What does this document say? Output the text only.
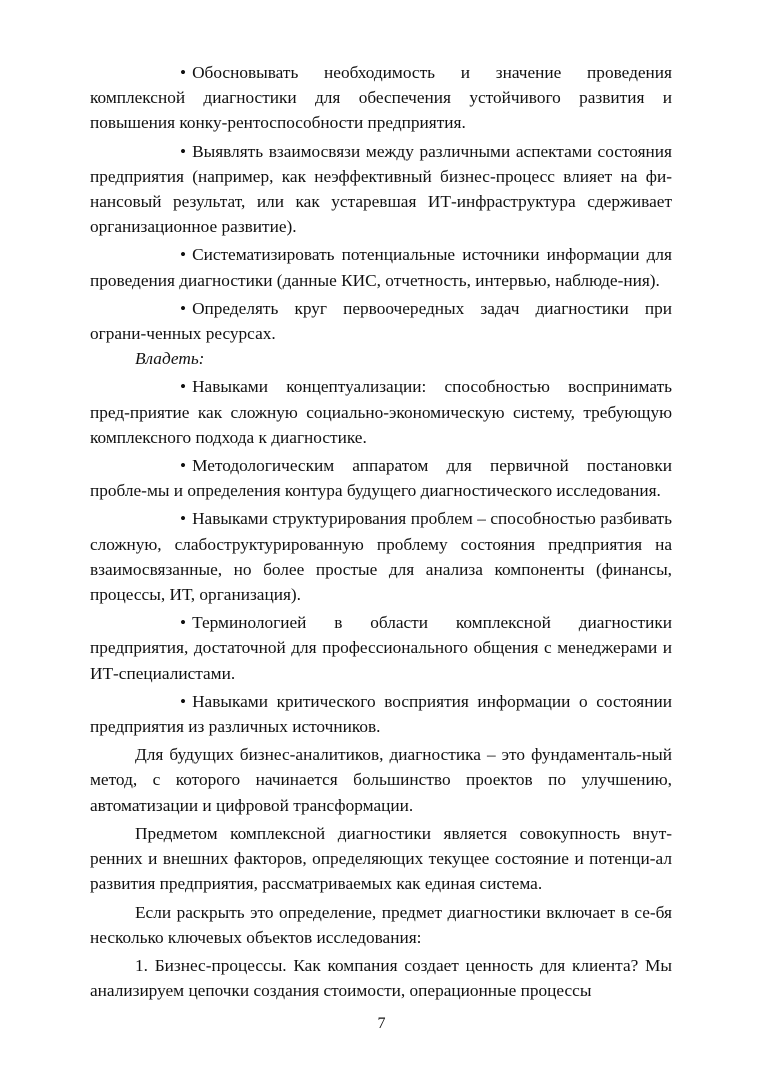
• Обосновывать необходимость и значение проведения комплексной диагностики для обеспечения устойчивого развития и повышения конку-рентоспособности предприятия.

• Выявлять взаимосвязи между различными аспектами состояния предприятия (например, как неэффективный бизнес-процесс влияет на фи-нансовый результат, или как устаревшая ИТ-инфраструктура сдерживает организационное развитие).

• Систематизировать потенциальные источники информации для проведения диагностики (данные КИС, отчетность, интервью, наблюде-ния).

• Определять круг первоочередных задач диагностики при ограни-ченных ресурсах.

Владеть:

• Навыками концептуализации: способностью воспринимать пред-приятие как сложную социально-экономическую систему, требующую комплексного подхода к диагностике.

• Методологическим аппаратом для первичной постановки пробле-мы и определения контура будущего диагностического исследования.

• Навыками структурирования проблем – способностью разбивать сложную, слабоструктурированную проблему состояния предприятия на взаимосвязанные, но более простые для анализа компоненты (финансы, процессы, ИТ, организация).

• Терминологией в области комплексной диагностики предприятия, достаточной для профессионального общения с менеджерами и ИТ-специалистами.

• Навыками критического восприятия информации о состоянии предприятия из различных источников.

Для будущих бизнес-аналитиков, диагностика – это фундаменталь-ный метод, с которого начинается большинство проектов по улучшению, автоматизации и цифровой трансформации.

Предметом комплексной диагностики является совокупность внут-ренних и внешних факторов, определяющих текущее состояние и потенци-ал развития предприятия, рассматриваемых как единая система.

Если раскрыть это определение, предмет диагностики включает в се-бя несколько ключевых объектов исследования:

1. Бизнес-процессы. Как компания создает ценность для клиента? Мы анализируем цепочки создания стоимости, операционные процессы

7
